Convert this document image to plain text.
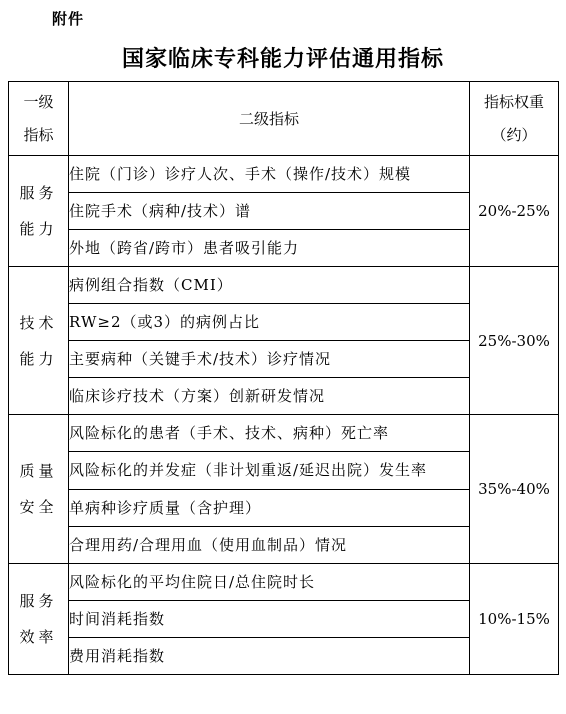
附件
国家临床专科能力评估通用指标
一级
指标	二级指标	指标权重
（约）

服务
能力	住院（门诊）诊疗人次、手术（操作/技术）规模	20%-25%
	住院手术（病种/技术）谱	
	外地（跨省/跨市）患者吸引能力	

技术
能力	病例组合指数（CMI）	25%-30%
	RW≥2（或3）的病例占比	
	主要病种（关键手术/技术）诊疗情况	
	临床诊疗技术（方案）创新研发情况	

质量
安全	风险标化的患者（手术、技术、病种）死亡率	35%-40%
	风险标化的并发症（非计划重返/延迟出院）发生率	
	单病种诊疗质量（含护理）	
	合理用药/合理用血（使用血制品）情况	

服务
效率	风险标化的平均住院日/总住院时长	10%-15%
	时间消耗指数	
	费用消耗指数	
